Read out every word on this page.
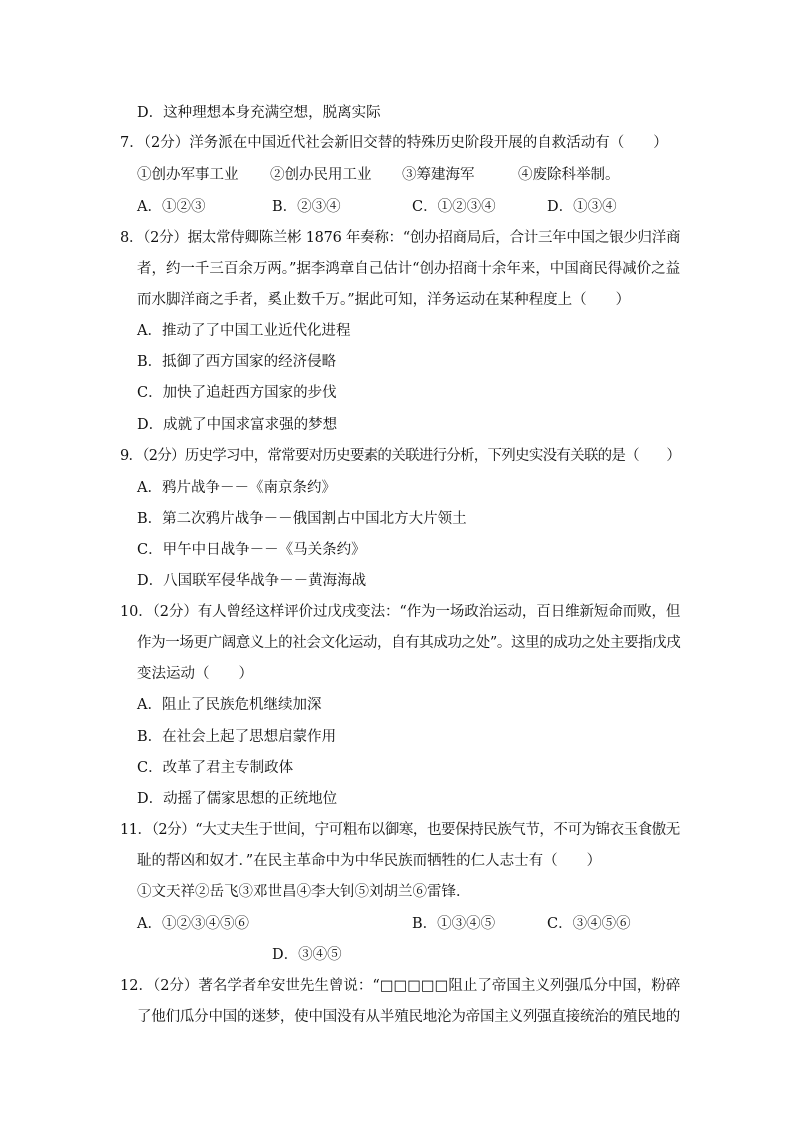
D．这种理想本身充满空想，脱离实际
7．（2分）洋务派在中国近代社会新旧交替的特殊历史阶段开展的自救活动有（　　）
①创办军事工业 ②创办民用工业 ③筹建海军	④废除科举制。
A．①②③	B．②③④	C．①②③④	D．①③④
8．（2分）据太常侍卿陈兰彬 1876 年奏称：“创办招商局后，合计三年中国之银少归洋商
者，约一千三百余万两。”据李鸿章自己估计“创办招商十余年来，中国商民得减价之益
而水脚洋商之手者，奚止数千万。”据此可知，洋务运动在某种程度上（　　）
A．推动了了中国工业近代化进程
B．抵御了西方国家的经济侵略
C．加快了追赶西方国家的步伐
D．成就了中国求富求强的梦想
9．（2分）历史学习中，常常要对历史要素的关联进行分析，下列史实没有关联的是（　　）
A．鸦片战争－－《南京条约》
B．第二次鸦片战争－－俄国割占中国北方大片领土
C．甲午中日战争－－《马关条约》
D．八国联军侵华战争－－黄海海战
10．（2分）有人曾经这样评价过戊戌变法：“作为一场政治运动，百日维新短命而败，但
作为一场更广阔意义上的社会文化运动，自有其成功之处”。这里的成功之处主要指戊戌
变法运动（　　）
A．阻止了民族危机继续加深
B．在社会上起了思想启蒙作用
C．改革了君主专制政体
D．动摇了儒家思想的正统地位
11．（2分）“大丈夫生于世间，宁可粗布以御寒，也要保持民族气节，不可为锦衣玉食傲无
耻的帮凶和奴才．”在民主革命中为中华民族而牺牲的仁人志士有（　　）
①文天祥②岳飞③邓世昌④李大钊⑤刘胡兰⑥雷锋．
A．①②③④⑤⑥	B．①③④⑤	C．③④⑤⑥
D．③④⑤
12．（2分）著名学者牟安世先生曾说：“□□□□□阻止了帝国主义列强瓜分中国，粉碎
了他们瓜分中国的迷梦，使中国没有从半殖民地沦为帝国主义列强直接统治的殖民地的
